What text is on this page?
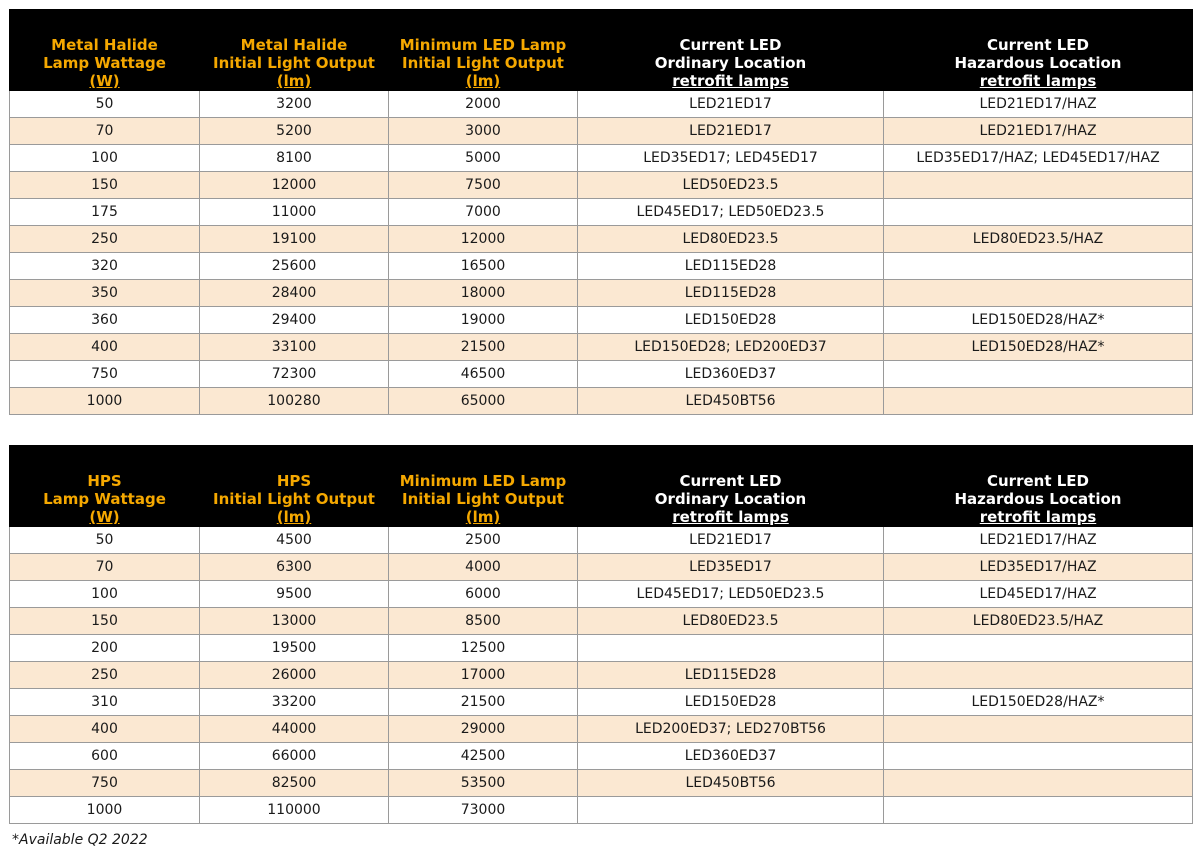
Metal Halide
Lamp Wattage
(W)	Metal Halide
Initial Light Output
(lm)	Minimum LED Lamp
Initial Light Output
(lm)	Current LED
Ordinary Location
retrofit lamps	Current LED
Hazardous Location
retrofit lamps

50	3200	2000	LED21ED17	LED21ED17/HAZ
70	5200	3000	LED21ED17	LED21ED17/HAZ
100	8100	5000	LED35ED17; LED45ED17	LED35ED17/HAZ; LED45ED17/HAZ
150	12000	7500	LED50ED23.5	
175	11000	7000	LED45ED17; LED50ED23.5	
250	19100	12000	LED80ED23.5	LED80ED23.5/HAZ
320	25600	16500	LED115ED28	
350	28400	18000	LED115ED28	
360	29400	19000	LED150ED28	LED150ED28/HAZ*
400	33100	21500	LED150ED28; LED200ED37	LED150ED28/HAZ*
750	72300	46500	LED360ED37	
1000	100280	65000	LED450BT56	
HPS
Lamp Wattage
(W)	HPS
Initial Light Output
(lm)	Minimum LED Lamp
Initial Light Output
(lm)	Current LED
Ordinary Location
retrofit lamps	Current LED
Hazardous Location
retrofit lamps

50	4500	2500	LED21ED17	LED21ED17/HAZ
70	6300	4000	LED35ED17	LED35ED17/HAZ
100	9500	6000	LED45ED17; LED50ED23.5	LED45ED17/HAZ
150	13000	8500	LED80ED23.5	LED80ED23.5/HAZ
200	19500	12500		
250	26000	17000	LED115ED28	
310	33200	21500	LED150ED28	LED150ED28/HAZ*
400	44000	29000	LED200ED37; LED270BT56	
600	66000	42500	LED360ED37	
750	82500	53500	LED450BT56	
1000	110000	73000		
*Available Q2 2022
